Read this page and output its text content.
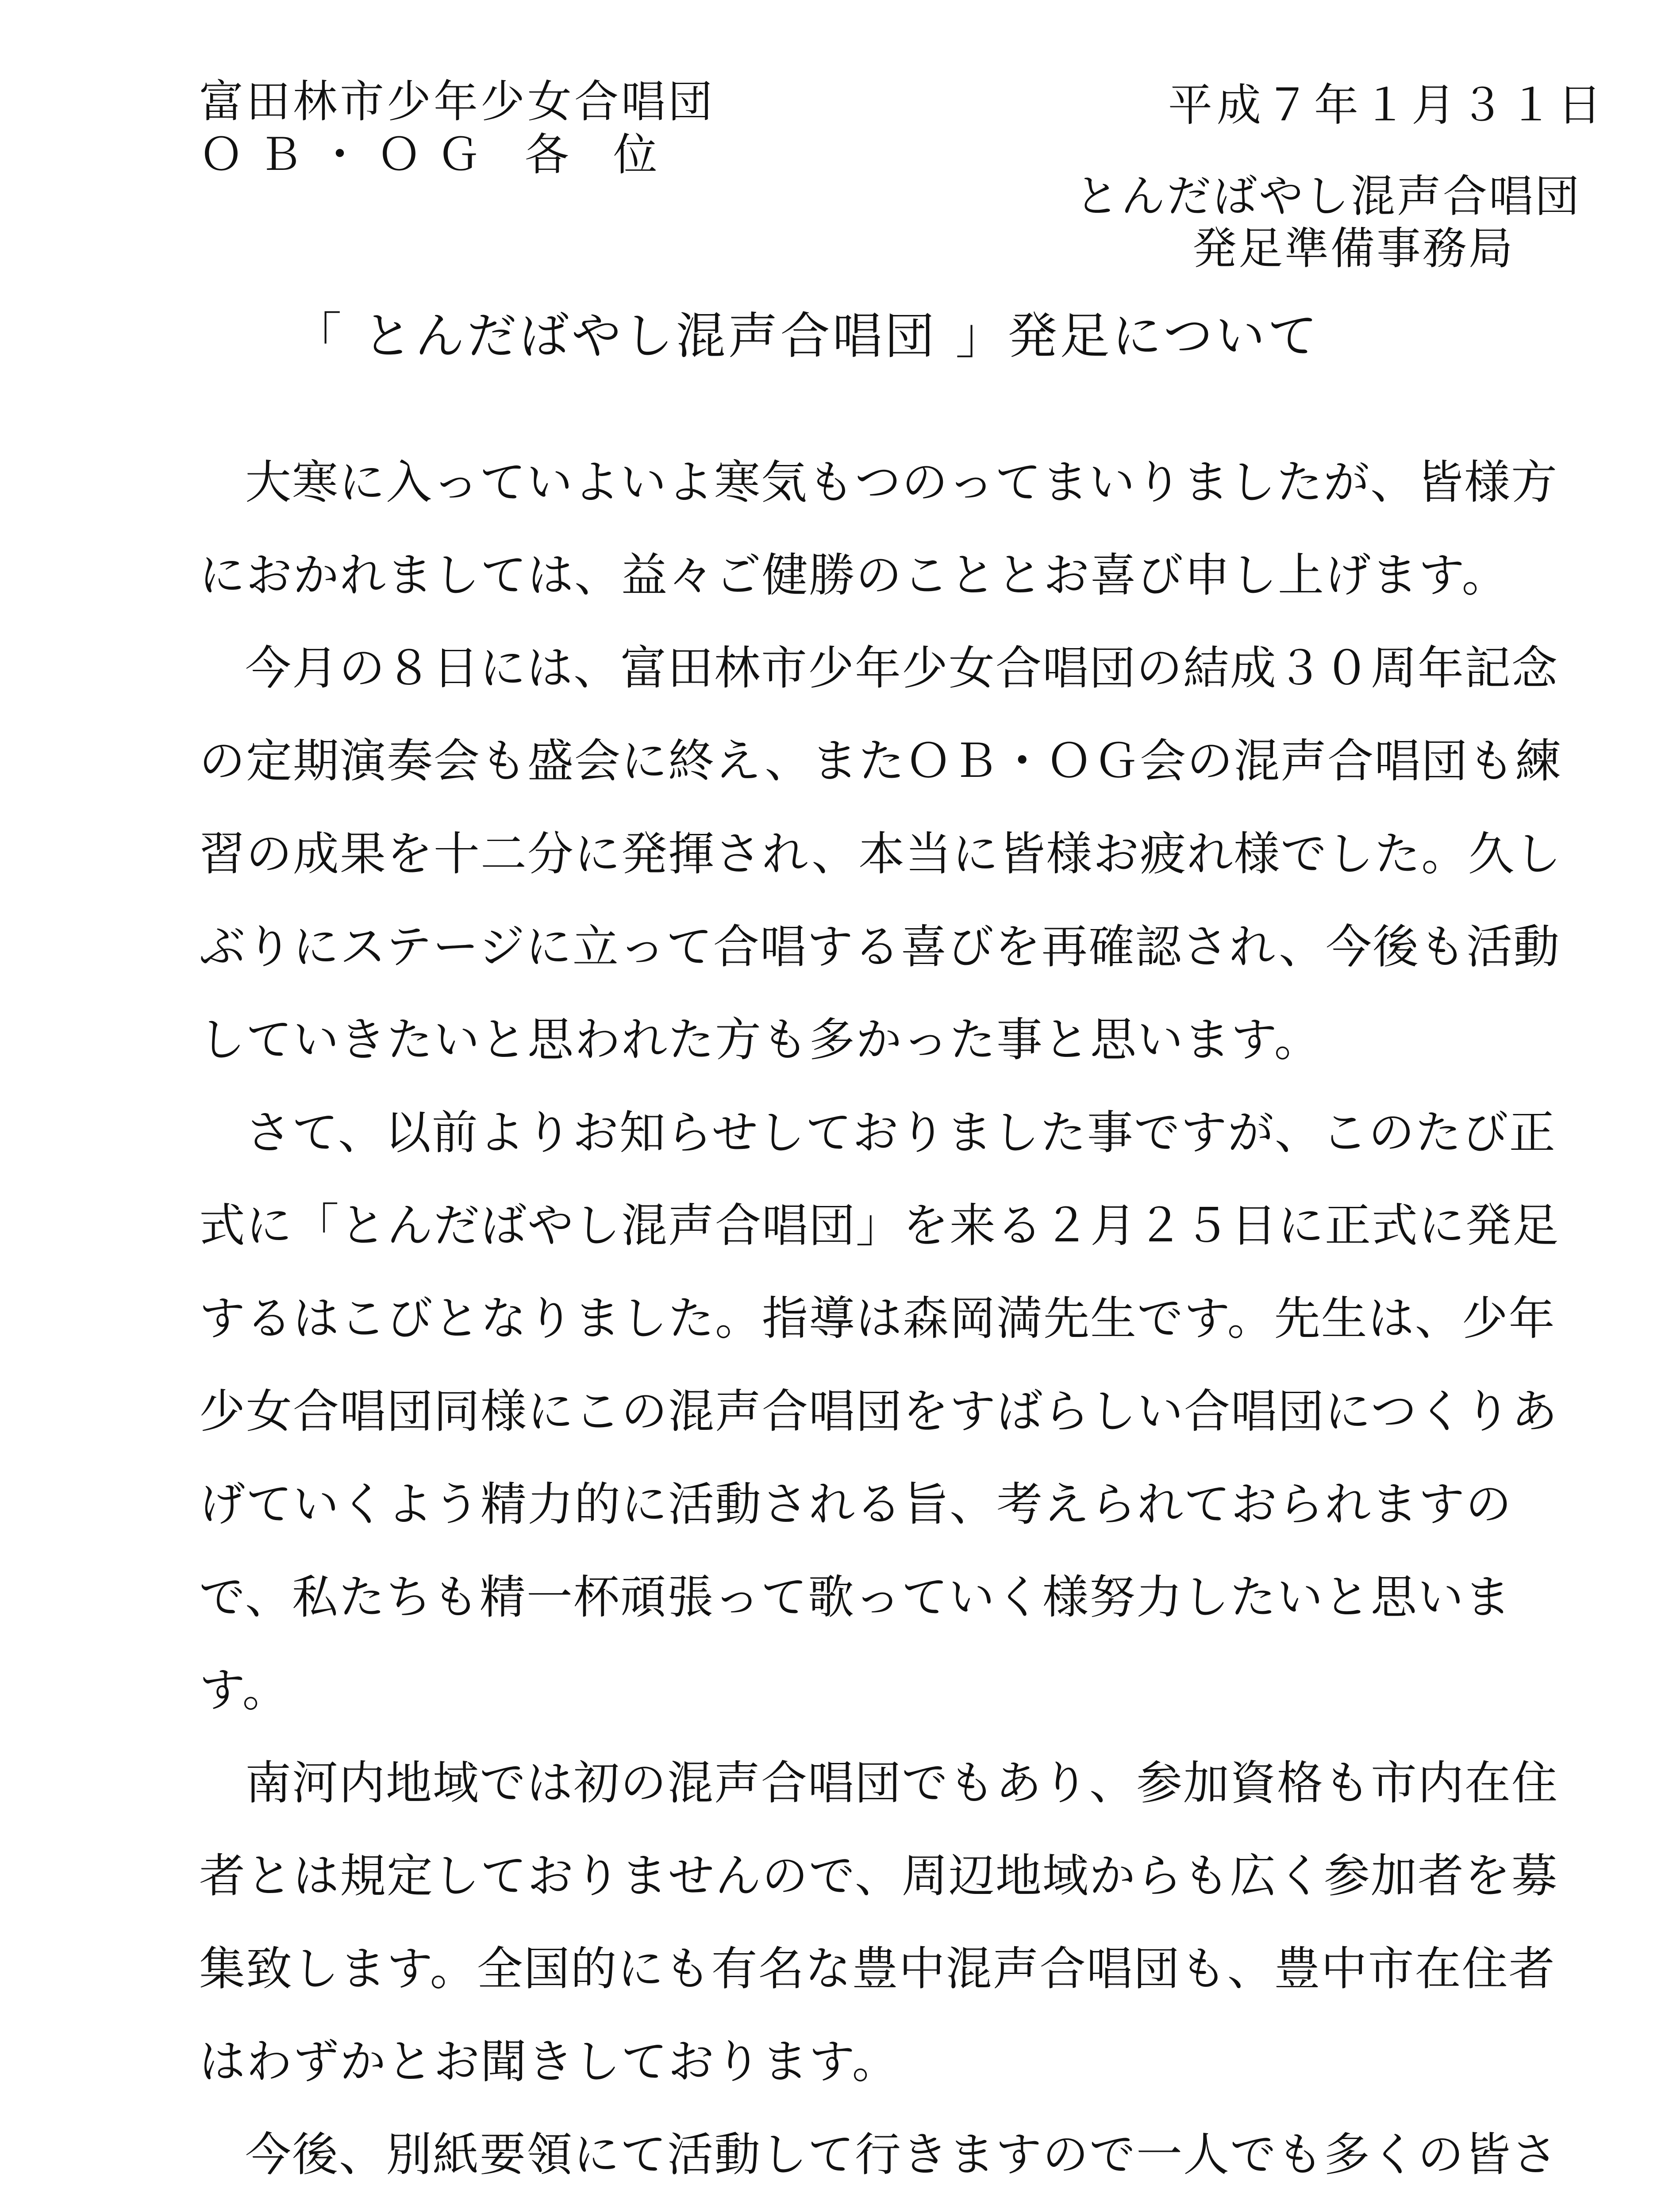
富田林市少年少女合唱団
ＯＢ・ＯＧ 各 位
平成７年１月３１日
とんだばやし混声合唱団
発足準備事務局
「 とんだばやし混声合唱団 」発足について

大寒に入っていよいよ寒気もつのってまいりましたが、皆様方におかれましては、益々ご健勝のこととお喜び申し上げます。

今月の８日には、富田林市少年少女合唱団の結成３０周年記念の定期演奏会も盛会に終え、またＯＢ・ＯＧ会の混声合唱団も練習の成果を十二分に発揮され、本当に皆様お疲れ様でした。久しぶりにステージに立って合唱する喜びを再確認され、今後も活動していきたいと思われた方も多かった事と思います。

さて、以前よりお知らせしておりました事ですが、このたび正式に「とんだばやし混声合唱団」を来る２月２５日に正式に発足するはこびとなりました。指導は森岡満先生です。先生は、少年少女合唱団同様にこの混声合唱団をすばらしい合唱団につくりあげていくよう精力的に活動される旨、考えられておられますので、私たちも精一杯頑張って歌っていく様努力したいと思います。

南河内地域では初の混声合唱団でもあり、参加資格も市内在住者とは規定しておりませんので、周辺地域からも広く参加者を募集致します。全国的にも有名な豊中混声合唱団も、豊中市在住者はわずかとお聞きしております。

今後、別紙要領にて活動して行きますので一人でも多くの皆さ
